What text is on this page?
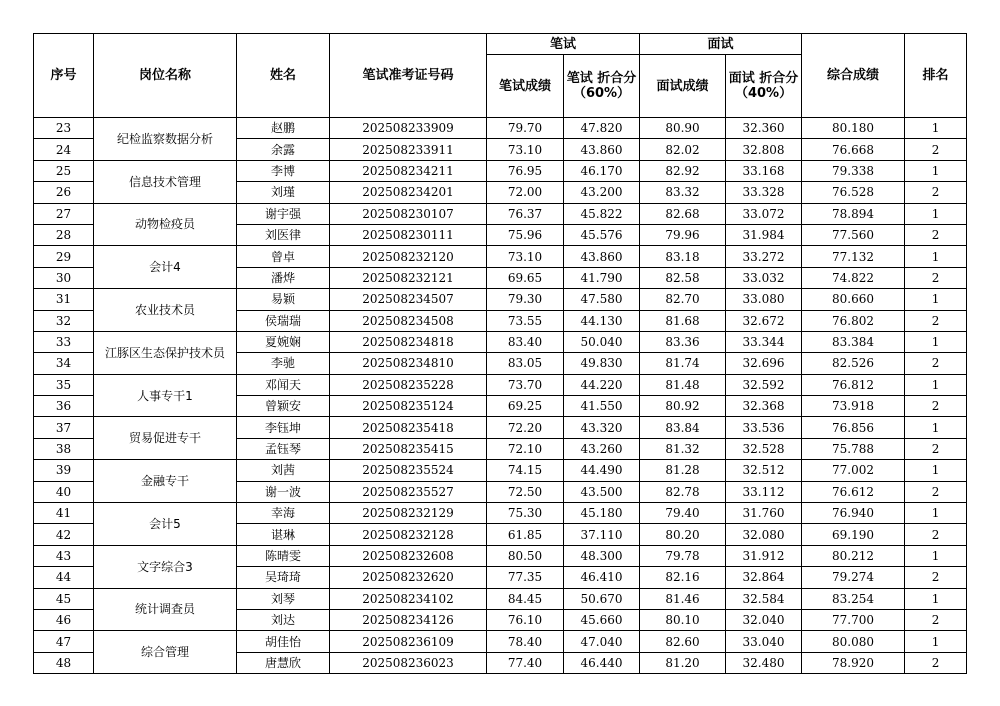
序号	岗位名称	姓名	笔试准考证号码	笔试		面试		综合成绩	排名
				笔试成绩	笔试 折合分 （60%）	面试成绩	面试 折合分 （40%）		
23	纪检监察数据分析	赵鹏	202508233909	79.70	47.820	80.90	32.360	80.180	1
24		余露	202508233911	73.10	43.860	82.02	32.808	76.668	2
25	信息技术管理	李博	202508234211	76.95	46.170	82.92	33.168	79.338	1
26		刘瑾	202508234201	72.00	43.200	83.32	33.328	76.528	2
27	动物检疫员	谢宇强	202508230107	76.37	45.822	82.68	33.072	78.894	1
28		刘医律	202508230111	75.96	45.576	79.96	31.984	77.560	2
29	会计4	曾卓	202508232120	73.10	43.860	83.18	33.272	77.132	1
30		潘烨	202508232121	69.65	41.790	82.58	33.032	74.822	2
31	农业技术员	易颖	202508234507	79.30	47.580	82.70	33.080	80.660	1
32		侯瑞瑞	202508234508	73.55	44.130	81.68	32.672	76.802	2
33	江豚区生态保护技术员	夏婉娴	202508234818	83.40	50.040	83.36	33.344	83.384	1
34		李驰	202508234810	83.05	49.830	81.74	32.696	82.526	2
35	人事专干1	邓闻天	202508235228	73.70	44.220	81.48	32.592	76.812	1
36		曾颖安	202508235124	69.25	41.550	80.92	32.368	73.918	2
37	贸易促进专干	李钰坤	202508235418	72.20	43.320	83.84	33.536	76.856	1
38		孟钰琴	202508235415	72.10	43.260	81.32	32.528	75.788	2
39	金融专干	刘茜	202508235524	74.15	44.490	81.28	32.512	77.002	1
40		谢一波	202508235527	72.50	43.500	82.78	33.112	76.612	2
41	会计5	幸海	202508232129	75.30	45.180	79.40	31.760	76.940	1
42		谌琳	202508232128	61.85	37.110	80.20	32.080	69.190	2
43	文字综合3	陈晴雯	202508232608	80.50	48.300	79.78	31.912	80.212	1
44		吴琦琦	202508232620	77.35	46.410	82.16	32.864	79.274	2
45	统计调查员	刘琴	202508234102	84.45	50.670	81.46	32.584	83.254	1
46		刘达	202508234126	76.10	45.660	80.10	32.040	77.700	2
47	综合管理	胡佳怡	202508236109	78.40	47.040	82.60	33.040	80.080	1
48		唐慧欣	202508236023	77.40	46.440	81.20	32.480	78.920	2
